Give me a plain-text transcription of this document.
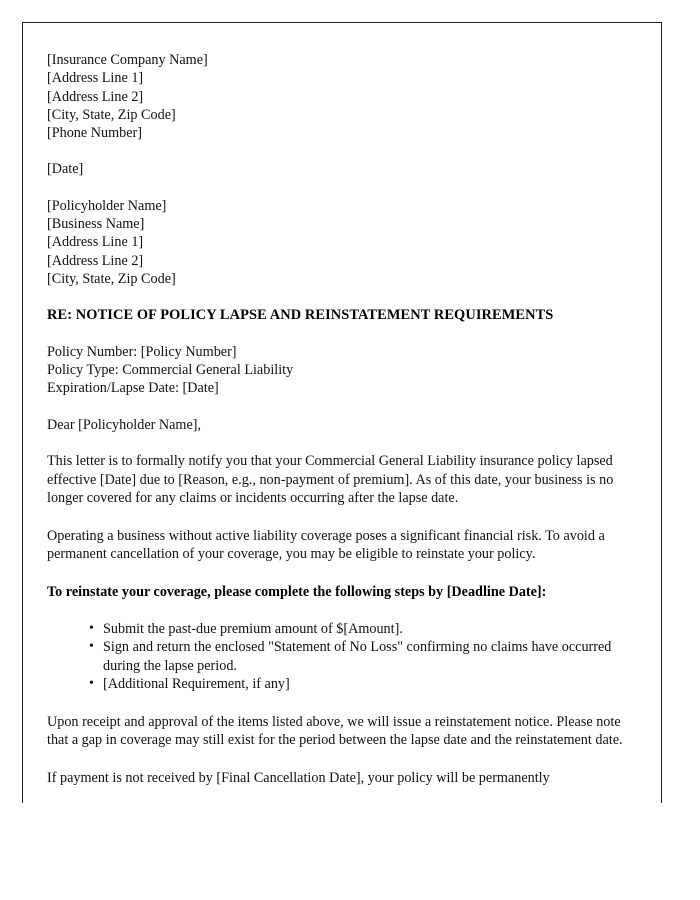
[Insurance Company Name]
[Address Line 1]
[Address Line 2]
[City, State, Zip Code]
[Phone Number]
[Date]
[Policyholder Name]
[Business Name]
[Address Line 1]
[Address Line 2]
[City, State, Zip Code]
RE: NOTICE OF POLICY LAPSE AND REINSTATEMENT REQUIREMENTS
Policy Number: [Policy Number]
Policy Type: Commercial General Liability
Expiration/Lapse Date: [Date]
Dear [Policyholder Name],

This letter is to formally notify you that your Commercial General Liability insurance policy lapsed effective [Date] due to [Reason, e.g., non-payment of premium]. As of this date, your business is no longer covered for any claims or incidents occurring after the lapse date.

Operating a business without active liability coverage poses a significant financial risk. To avoid a permanent cancellation of your coverage, you may be eligible to reinstate your policy.

To reinstate your coverage, please complete the following steps by [Deadline Date]:

• Submit the past-due premium amount of $[Amount].
• Sign and return the enclosed "Statement of No Loss" confirming no claims have occurred during the lapse period.
• [Additional Requirement, if any]

Upon receipt and approval of the items listed above, we will issue a reinstatement notice. Please note that a gap in coverage may still exist for the period between the lapse date and the reinstatement date.

If payment is not received by [Final Cancellation Date], your policy will be permanently
